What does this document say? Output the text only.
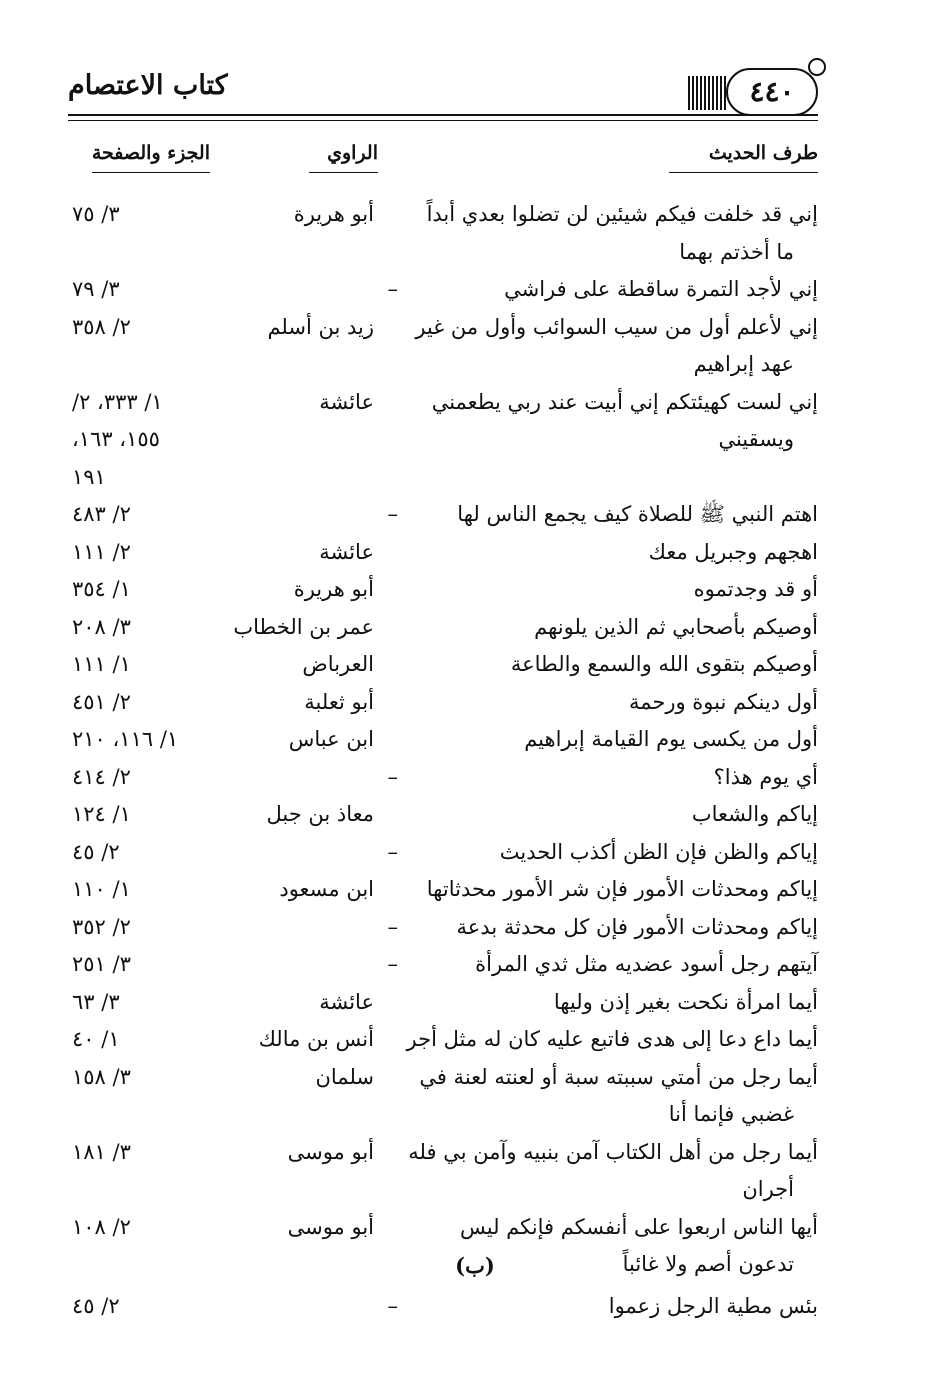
كتاب الاعتصام	٤٤٠
طرف الحديث
الراوي
الجزء والصفحة
إني قد خلفت فيكم شيئين لن تضلوا بعدي أبداً
ما أخذتم بهما
أبو هريرة
٣/ ٧٥
إني لأجد التمرة ساقطة على فراشي
–
٣/ ٧٩
إني لأعلم أول من سيب السوائب وأول من غير
عهد إبراهيم
زيد بن أسلم
٢/ ٣٥٨
إني لست كهيئتكم إني أبيت عند ربي يطعمني
ويسقيني
عائشة
١/ ٣٣٣، ٢/ ١٥٥، ١٦٣،
١٩١
اهتم النبي ﷺ للصلاة كيف يجمع الناس لها
–
٢/ ٤٨٣
اهجهم وجبريل معك
عائشة
٢/ ١١١
أو قد وجدتموه
أبو هريرة
١/ ٣٥٤
أوصيكم بأصحابي ثم الذين يلونهم
عمر بن الخطاب
٣/ ٢٠٨
أوصيكم بتقوى الله والسمع والطاعة
العرباض
١/ ١١١
أول دينكم نبوة ورحمة
أبو ثعلبة
٢/ ٤٥١
أول من يكسى يوم القيامة إبراهيم
ابن عباس
١/ ١١٦، ٢١٠
أي يوم هذا؟
–
٢/ ٤١٤
إياكم والشعاب
معاذ بن جبل
١/ ١٢٤
إياكم والظن فإن الظن أكذب الحديث
–
٢/ ٤٥
إياكم ومحدثات الأمور فإن شر الأمور محدثاتها
ابن مسعود
١/ ١١٠
إياكم ومحدثات الأمور فإن كل محدثة بدعة
–
٢/ ٣٥٢
آيتهم رجل أسود عضديه مثل ثدي المرأة
–
٣/ ٢٥١
أيما امرأة نكحت بغير إذن وليها
عائشة
٣/ ٦٣
أيما داع دعا إلى هدى فاتبع عليه كان له مثل أجر
أنس بن مالك
١/ ٤٠
أيما رجل من أمتي سببته سبة أو لعنته لعنة في
غضبي فإنما أنا
سلمان
٣/ ١٥٨
أيما رجل من أهل الكتاب آمن بنبيه وآمن بي فله
أجران
أبو موسى
٣/ ١٨١
أيها الناس اربعوا على أنفسكم فإنكم ليس
تدعون أصم ولا غائباً
أبو موسى
٢/ ١٠٨
(ب)
بئس مطية الرجل زعموا
–
٢/ ٤٥
